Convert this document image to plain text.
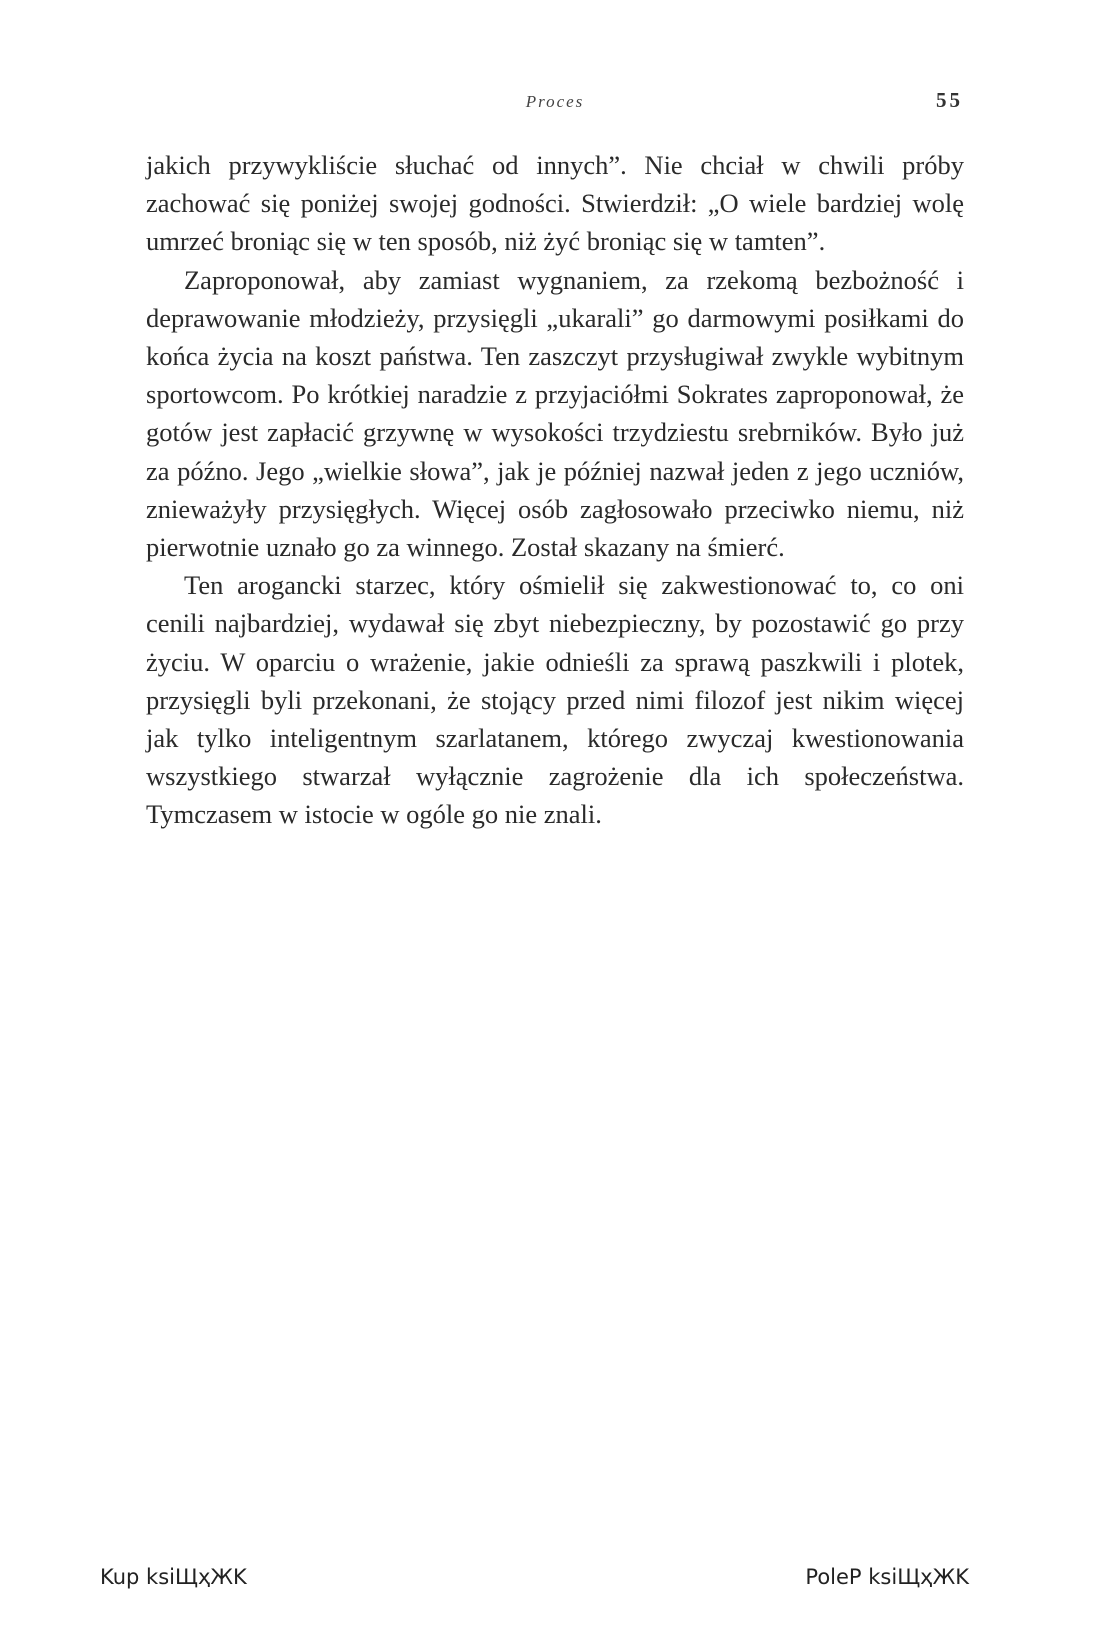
Proces	55

jakich przywykliście słuchać od innych”. Nie chciał w chwili próby zachować się poniżej swojej godności. Stwierdził: „O wiele bardziej wolę umrzeć broniąc się w ten sposób, niż żyć broniąc się w tamten”.

Zaproponował, aby zamiast wygnaniem, za rzekomą bezbożność i deprawowanie młodzieży, przysięgli „ukarali” go darmowymi posiłkami do końca życia na koszt państwa. Ten zaszczyt przysługiwał zwykle wybitnym sportowcom. Po krótkiej naradzie z przyjaciółmi Sokrates zaproponował, że gotów jest zapłacić grzywnę w wysokości trzydziestu srebrników. Było już za późno. Jego „wielkie słowa”, jak je później nazwał jeden z jego uczniów, znieważyły przysięgłych. Więcej osób zagłosowało przeciwko niemu, niż pierwotnie uznało go za winnego. Został skazany na śmierć.

Ten arogancki starzec, który ośmielił się zakwestionować to, co oni cenili najbardziej, wydawał się zbyt niebezpieczny, by pozostawić go przy życiu. W oparciu o wrażenie, jakie odnieśli za sprawą paszkwili i plotek, przysięgli byli przekonani, że stojący przed nimi filozof jest nikim więcej jak tylko inteligentnym szarlatanem, którego zwyczaj kwestionowania wszystkiego stwarzał wyłącznie zagrożenie dla ich społeczeństwa. Tymczasem w istocie w ogóle go nie znali.

Kup ksiЩҳЖK	PoleP ksiЩҳЖK
